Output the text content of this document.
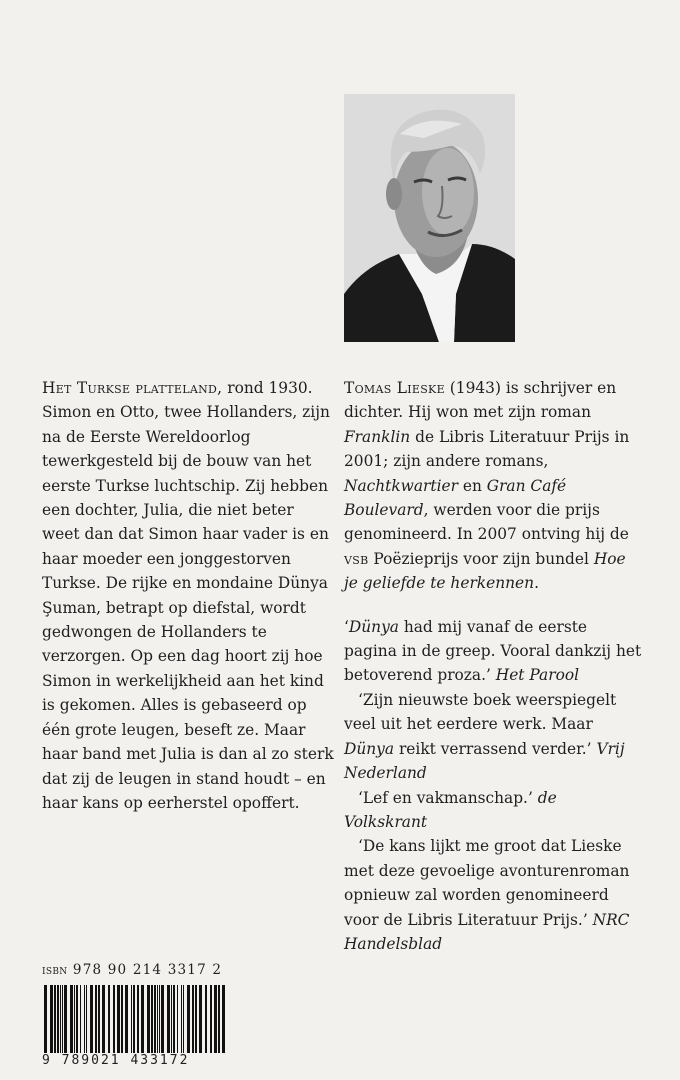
Het Turkse platteland, rond 1930. Simon en Otto, twee Hollanders, zijn na de Eerste Wereldoorlog tewerkgesteld bij de bouw van het eerste Turkse luchtschip. Zij hebben een dochter, Julia, die niet beter weet dan dat Simon haar vader is en haar moeder een jonggestorven Turkse. De rijke en mondaine Dünya Şuman, betrapt op diefstal, wordt gedwongen de Hollanders te verzorgen. Op een dag hoort zij hoe Simon in werkelijkheid aan het kind is gekomen. Alles is gebaseerd op één grote leugen, beseft ze. Maar haar band met Julia is dan al zo sterk dat zij de leugen in stand houdt – en haar kans op eerherstel opoffert.

Tomas Lieske (1943) is schrijver en dichter. Hij won met zijn roman Franklin de Libris Literatuur Prijs in 2001; zijn andere romans, Nachtkwartier en Gran Café Boulevard, werden voor die prijs genomineerd. In 2007 ontving hij de vsb Poëzieprijs voor zijn bundel Hoe je geliefde te herkennen.

‘Dünya had mij vanaf de eerste pagina in de greep. Vooral dankzij het betoverend proza.’ Het Parool

‘Zijn nieuwste boek weerspiegelt veel uit het eerdere werk. Maar Dünya reikt verrassend verder.’ Vrij Nederland

‘Lef en vakmanschap.’ de Volkskrant

‘De kans lijkt me groot dat Lieske met deze gevoelige avonturenroman opnieuw zal worden genomineerd voor de Libris Literatuur Prijs.’ NRC Handelsblad

isbn 978 90 214 3317 2
9 789021 433172
